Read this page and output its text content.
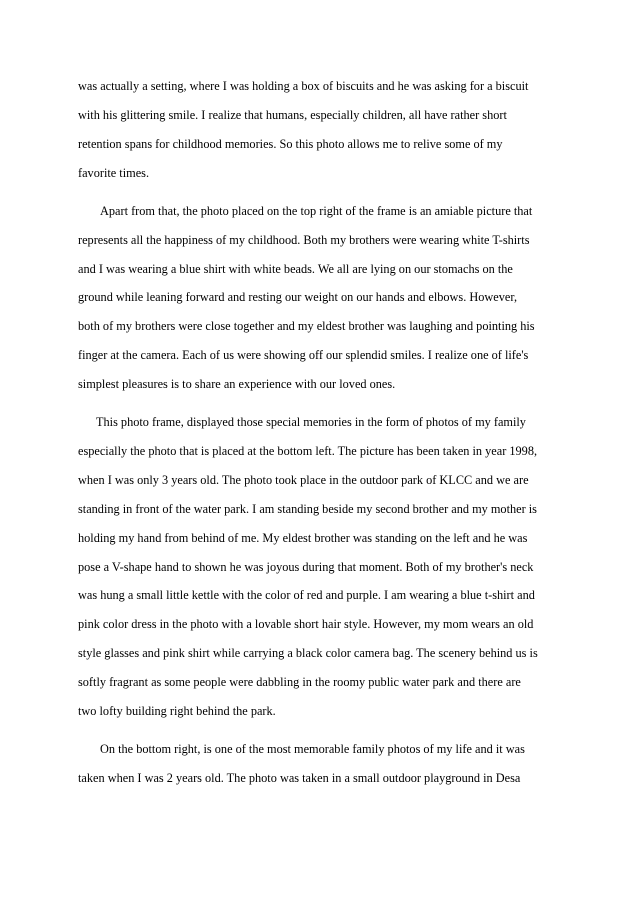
was actually a setting, where I was holding a box of biscuits and he was asking for a biscuit
with his glittering smile. I realize that humans, especially children, all have rather short
retention spans for childhood memories. So this photo allows me to relive some of my
favorite times.
Apart from that, the photo placed on the top right of the frame is an amiable picture that
represents all the happiness of my childhood. Both my brothers were wearing white T-shirts
and I was wearing a blue shirt with white beads. We all are lying on our stomachs on the
ground while leaning forward and resting our weight on our hands and elbows. However,
both of my brothers were close together and my eldest brother was laughing and pointing his
finger at the camera. Each of us were showing off our splendid smiles. I realize one of life's
simplest pleasures is to share an experience with our loved ones.
This photo frame, displayed those special memories in the form of photos of my family
especially the photo that is placed at the bottom left. The picture has been taken in year 1998,
when I was only 3 years old. The photo took place in the outdoor park of KLCC and we are
standing in front of the water park. I am standing beside my second brother and my mother is
holding my hand from behind of me. My eldest brother was standing on the left and he was
pose a V-shape hand to shown he was joyous during that moment. Both of my brother's neck
was hung a small little kettle with the color of red and purple. I am wearing a blue t-shirt and
pink color dress in the photo with a lovable short hair style. However, my mom wears an old
style glasses and pink shirt while carrying a black color camera bag. The scenery behind us is
softly fragrant as some people were dabbling in the roomy public water park and there are
two lofty building right behind the park.
On the bottom right, is one of the most memorable family photos of my life and it was
taken when I was 2 years old. The photo was taken in a small outdoor playground in Desa
